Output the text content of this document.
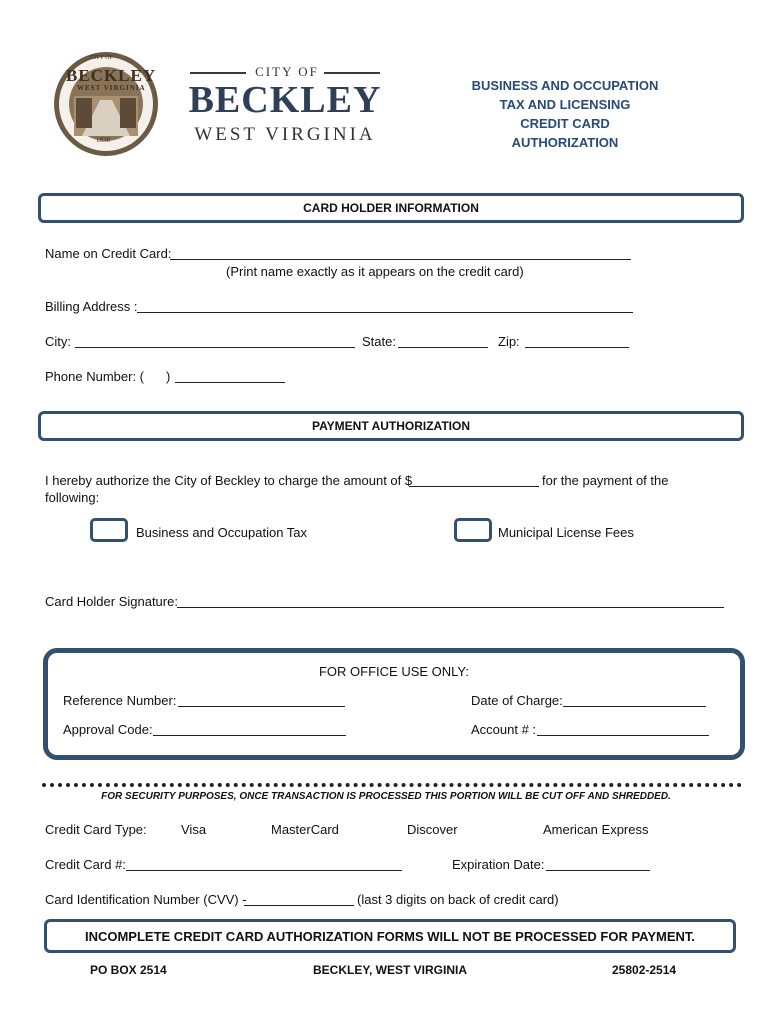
BECKLEY
WEST VIRGINIA
CITY OF
1838
CITY OF
BECKLEY
WEST VIRGINIA
BUSINESS AND OCCUPATION
TAX AND LICENSING
CREDIT CARD
AUTHORIZATION
CARD HOLDER INFORMATION
Name on Credit Card:
(Print name exactly as it appears on the credit card)
Billing Address :
City:	State:	Zip:
Phone Number: ( )
PAYMENT AUTHORIZATION
I hereby authorize the City of Beckley to charge the amount of $	for the payment of the
following:
Business and Occupation Tax	Municipal License Fees
Card Holder Signature:
FOR OFFICE USE ONLY:
Reference Number:	Date of Charge:
Approval Code:	Account # :
FOR SECURITY PURPOSES, ONCE TRANSACTION IS PROCESSED THIS PORTION WILL BE CUT OFF AND SHREDDED.
Credit Card Type:	Visa	MasterCard	Discover	American Express
Credit Card #:	Expiration Date:
Card Identification Number (CVV) -	(last 3 digits on back of credit card)
INCOMPLETE CREDIT CARD AUTHORIZATION FORMS WILL NOT BE PROCESSED FOR PAYMENT.
PO BOX 2514	BECKLEY, WEST VIRGINIA	25802-2514
